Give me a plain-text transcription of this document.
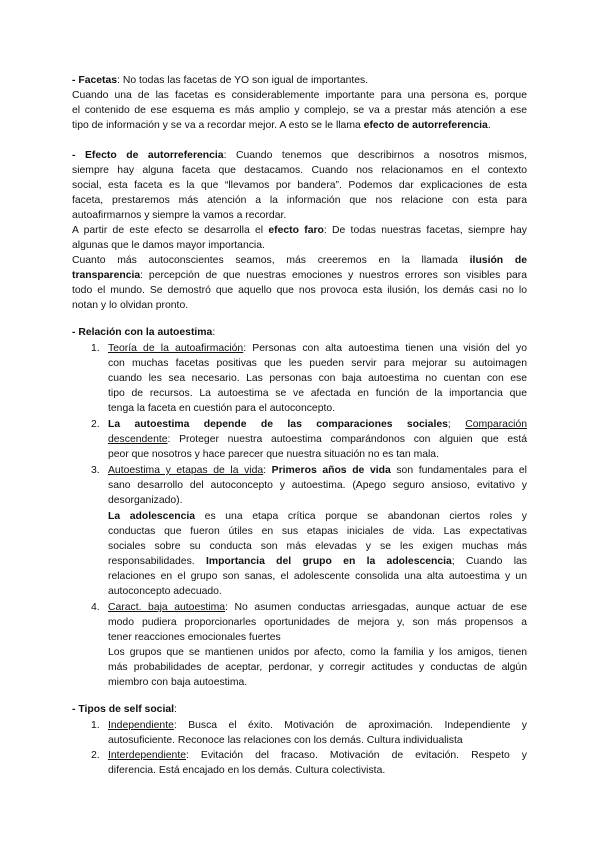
- Facetas: No todas las facetas de YO son igual de importantes.
Cuando una de las facetas es considerablemente importante para una persona es, porque
el contenido de ese esquema es más amplio y complejo, se va a prestar más atención a ese
tipo de información y se va a recordar mejor. A esto se le llama efecto de autorreferencia.
- Efecto de autorreferencia: Cuando tenemos que describirnos a nosotros mismos,
siempre hay alguna faceta que destacamos. Cuando nos relacionamos en el contexto
social, esta faceta es la que “llevamos por bandera”. Podemos dar explicaciones de esta
faceta, prestaremos más atención a la información que nos relacione con esta para
autoafirmarnos y siempre la vamos a recordar.
A partir de este efecto se desarrolla el efecto faro: De todas nuestras facetas, siempre hay
algunas que le damos mayor importancia.
Cuanto más autoconscientes seamos, más creeremos en la llamada ilusión de
transparencia: percepción de que nuestras emociones y nuestros errores son visibles para
todo el mundo. Se demostró que aquello que nos provoca esta ilusión, los demás casi no lo
notan y lo olvidan pronto.
- Relación con la autoestima:
1. Teoría de la autoafirmación: Personas con alta autoestima tienen una visión del yo
con muchas facetas positivas que les pueden servir para mejorar su autoimagen
cuando les sea necesario. Las personas con baja autoestima no cuentan con ese
tipo de recursos. La autoestima se ve afectada en función de la importancia que
tenga la faceta en cuestión para el autoconcepto.
2. La autoestima depende de las comparaciones sociales; Comparación
descendente: Proteger nuestra autoestima comparándonos con alguien que está
peor que nosotros y hace parecer que nuestra situación no es tan mala.
3. Autoestima y etapas de la vida: Primeros años de vida son fundamentales para el
sano desarrollo del autoconcepto y autoestima. (Apego seguro ansioso, evitativo y
desorganizado).
La adolescencia es una etapa crítica porque se abandonan ciertos roles y
conductas que fueron útiles en sus etapas iniciales de vida. Las expectativas
sociales sobre su conducta son más elevadas y se les exigen muchas más
responsabilidades. Importancia del grupo en la adolescencia; Cuando las
relaciones en el grupo son sanas, el adolescente consolida una alta autoestima y un
autoconcepto adecuado.
4. Caract. baja autoestima: No asumen conductas arriesgadas, aunque actuar de ese
modo pudiera proporcionarles oportunidades de mejora y, son más propensos a
tener reacciones emocionales fuertes
Los grupos que se mantienen unidos por afecto, como la familia y los amigos, tienen
más probabilidades de aceptar, perdonar, y corregir actitudes y conductas de algún
miembro con baja autoestima.
- Tipos de self social:
1. Independiente: Busca el éxito. Motivación de aproximación. Independiente y
autosuficiente. Reconoce las relaciones con los demás. Cultura individualista
2. Interdependiente: Evitación del fracaso. Motivación de evitación. Respeto y
diferencia. Está encajado en los demás. Cultura colectivista.
